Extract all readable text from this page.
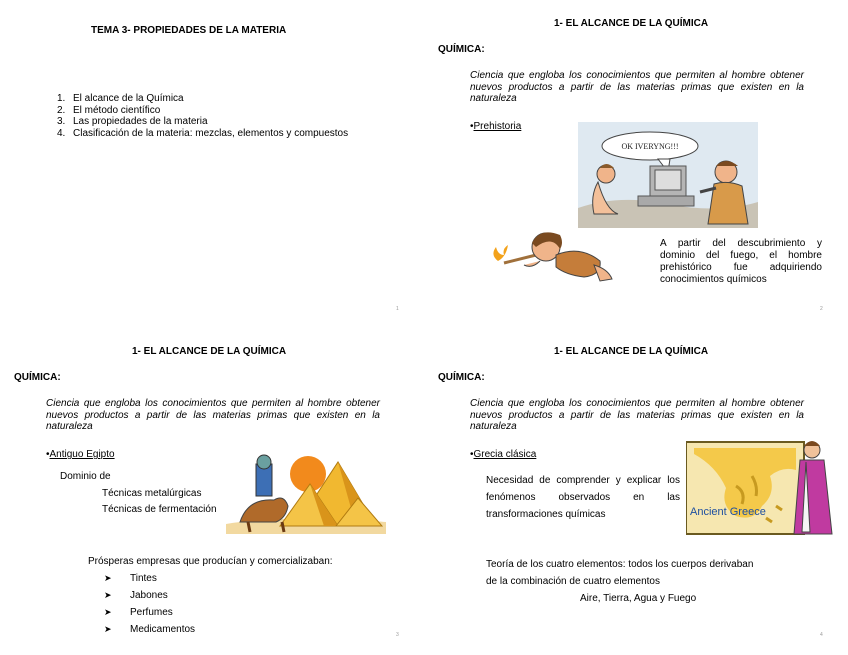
TEMA 3- PROPIEDADES DE LA MATERIA
1. El alcance de la Química
2. El método científico
3. Las propiedades de la materia
4. Clasificación de la materia: mezclas, elementos y compuestos
1
1- EL ALCANCE DE LA QUÍMICA
QUÍMICA:
Ciencia que engloba los conocimientos que permiten al hombre obtener nuevos productos a partir de las materias primas que existen en la naturaleza
•Prehistoria
OK IVERYNG!!!
A partir del descubrimiento y dominio del fuego, el hombre prehistórico fue adquiriendo conocimientos químicos
2
1- EL ALCANCE DE LA QUÍMICA
QUÍMICA:
Ciencia que engloba los conocimientos que permiten al hombre obtener nuevos productos a partir de las materias primas que existen en la naturaleza
•Antiguo Egipto
Dominio de
Técnicas metalúrgicas
Técnicas de fermentación
Prósperas empresas que producían y comercializaban:
➤ Tintes
➤ Jabones
➤ Perfumes
➤ Medicamentos	3
1- EL ALCANCE DE LA QUÍMICA
QUÍMICA:
Ciencia que engloba los conocimientos que permiten al hombre obtener nuevos productos a partir de las materias primas que existen en la naturaleza
•Grecia clásica
Necesidad de comprender y explicar los fenómenos observados en las transformaciones químicas	Ancient Greece
Teoría de los cuatro elementos: todos los cuerpos derivaban
de la combinación de cuatro elementos
Aire, Tierra, Agua y Fuego
4
